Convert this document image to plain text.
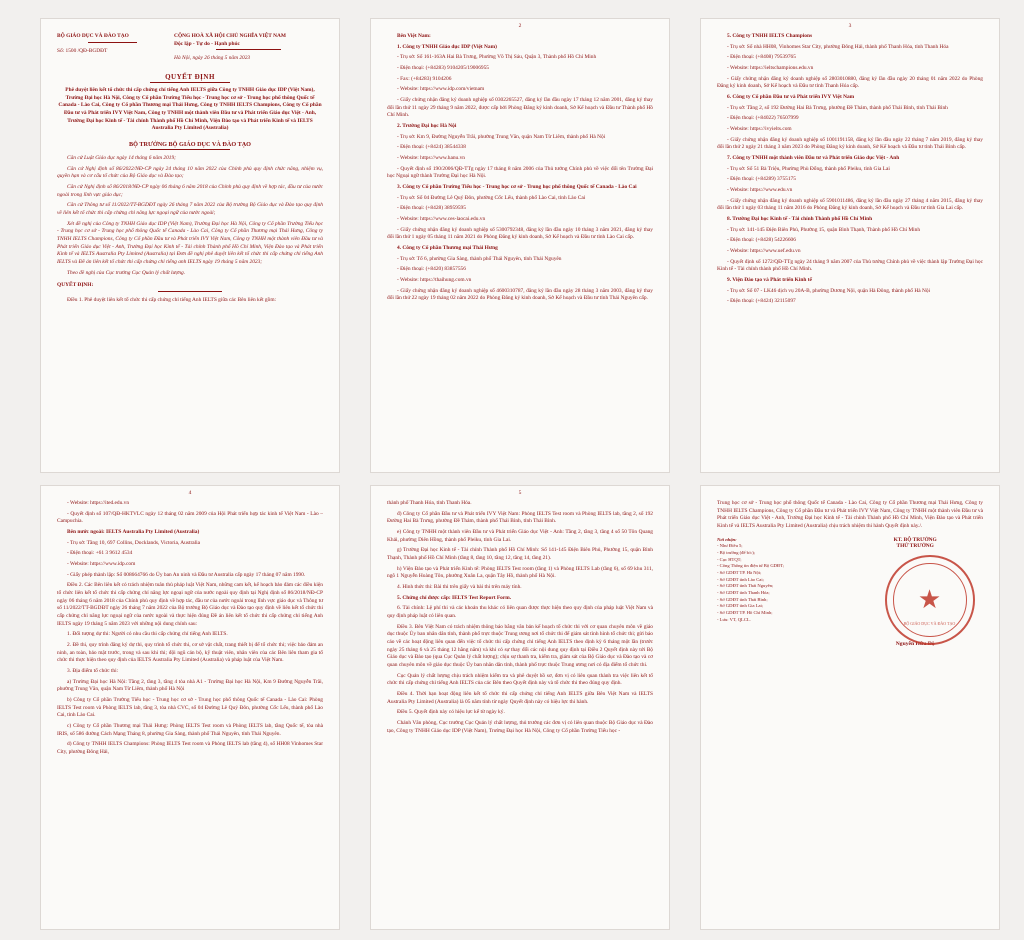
BỘ GIÁO DỤC VÀ ĐÀO TẠO
Số: 1500 /QĐ-BGDĐT
CỘNG HOÀ XÃ HỘI CHỦ NGHĨA VIỆT NAM
Độc lập - Tự do - Hạnh phúc
Hà Nội, ngày 26 tháng 5 năm 2023
QUYẾT ĐỊNH

Phê duyệt liên kết tổ chức thi cấp chứng chỉ tiếng Anh IELTS giữa Công ty TNHH Giáo dục IDP (Việt Nam), Trường Đại học Hà Nội, Công ty Cổ phần Trường Tiểu học - Trung học cơ sở - Trung học phổ thông Quốc tế Canada - Lào Cai, Công ty Cổ phần Thương mại Thái Hưng, Công ty TNHH IELTS Champions, Công ty Cổ phần Đầu tư và Phát triển IVY Việt Nam, Công ty TNHH một thành viên Đầu tư và Phát triển Giáo dục Việt - Anh, Trường Đại học Kinh tế - Tài chính Thành phố Hồ Chí Minh, Viện Đào tạo và Phát triển Kinh tế và IELTS Australia Pty Limited (Australia)

BỘ TRƯỞNG BỘ GIÁO DỤC VÀ ĐÀO TẠO

Căn cứ Luật Giáo dục ngày 14 tháng 6 năm 2019;

Căn cứ Nghị định số 86/2022/NĐ-CP ngày 24 tháng 10 năm 2022 của Chính phủ quy định chức năng, nhiệm vụ, quyền hạn và cơ cấu tổ chức của Bộ Giáo dục và Đào tạo;

Căn cứ Nghị định số 86/2018/NĐ-CP ngày 06 tháng 6 năm 2018 của Chính phủ quy định về hợp tác, đầu tư của nước ngoài trong lĩnh vực giáo dục;

Căn cứ Thông tư số 11/2022/TT-BGDĐT ngày 26 tháng 7 năm 2022 của Bộ trưởng Bộ Giáo dục và Đào tạo quy định về liên kết tổ chức thi cấp chứng chỉ năng lực ngoại ngữ của nước ngoài;

Xét đề nghị của Công ty TNHH Giáo dục IDP (Việt Nam), Trường Đại học Hà Nội, Công ty Cổ phần Trường Tiểu học - Trung học cơ sở - Trung học phổ thông Quốc tế Canada - Lào Cai, Công ty Cổ phần Thương mại Thái Hưng, Công ty TNHH IELTS Champions, Công ty Cổ phần Đầu tư và Phát triển IVY Việt Nam, Công ty TNHH một thành viên Đầu tư và Phát triển Giáo dục Việt - Anh, Trường Đại học Kinh tế - Tài chính Thành phố Hồ Chí Minh, Viện Đào tạo và Phát triển Kinh tế và IELTS Australia Pty Limited (Australia) tại Đơn đề nghị phê duyệt liên kết tổ chức thi cấp chứng chỉ tiếng Anh IELTS và Đề án liên kết tổ chức thi cấp chứng chỉ tiếng anh IELTS ngày 19 tháng 5 năm 2023;

Theo đề nghị của Cục trưởng Cục Quản lý chất lượng.

QUYẾT ĐỊNH:

Điều 1. Phê duyệt liên kết tổ chức thi cấp chứng chỉ tiếng Anh IELTS giữa các Bên liên kết gồm:

2

Bên Việt Nam:

1. Công ty TNHH Giáo dục IDP (Việt Nam)

- Trụ sở: Số 161-163A Hai Bà Trưng, Phường Võ Thị Sáu, Quận 3, Thành phố Hồ Chí Minh

- Điện thoại: (+84283) 9104205/19006955

- Fax: (+84283) 9104206

- Website: https://www.idp.com/vietnam

- Giấy chứng nhận đăng ký doanh nghiệp số 0302265527, đăng ký lần đầu ngày 17 tháng 12 năm 2001, đăng ký thay đổi lần thứ 11 ngày 29 tháng 9 năm 2022, được cấp bởi Phòng Đăng ký kinh doanh, Sở Kế hoạch và Đầu tư Thành phố Hồ Chí Minh.

2. Trường Đại học Hà Nội

- Trụ sở: Km 9, Đường Nguyễn Trãi, phường Trung Văn, quận Nam Từ Liêm, thành phố Hà Nội

- Điện thoại: (+8424) 38544338

- Website: https://www.hanu.vn

- Quyết định số 190/2006/QĐ-TTg ngày 17 tháng 8 năm 2006 của Thủ tướng Chính phủ về việc đổi tên Trường Đại học Ngoại ngữ thành Trường Đại học Hà Nội.

3. Công ty Cổ phần Trường Tiểu học - Trung học cơ sở - Trung học phổ thông Quốc tế Canada - Lào Cai

- Trụ sở: Số 04 Đường Lê Quý Đôn, phường Cốc Lếu, thành phố Lào Cai, tỉnh Lào Cai

- Điện thoại: (+8428) 38959595

- Website: https://www.ces-laocai.edu.vn

- Giấy chứng nhận đăng ký doanh nghiệp số 5300792348, đăng ký lần đầu ngày 10 tháng 3 năm 2021, đăng ký thay đổi lần thứ 1 ngày 05 tháng 11 năm 2021 do Phòng Đăng ký kinh doanh, Sở Kế hoạch và Đầu tư tỉnh Lào Cai cấp.

4. Công ty Cổ phần Thương mại Thái Hưng

- Trụ sở: Tổ 6, phường Gia Sàng, thành phố Thái Nguyên, tỉnh Thái Nguyên

- Điện thoại: (+8420) 83857556

- Website: https://thaihung.com.vn

- Giấy chứng nhận đăng ký doanh nghiệp số 4600310787, đăng ký lần đầu ngày 28 tháng 3 năm 2003, đăng ký thay đổi lần thứ 22 ngày 19 tháng 02 năm 2022 do Phòng Đăng ký kinh doanh, Sở Kế hoạch và Đầu tư tỉnh Thái Nguyên cấp.

3

5. Công ty TNHH IELTS Champions

- Trụ sở: Số nhà HH08, Vinhomes Star City, phường Đông Hải, thành phố Thanh Hóa, tỉnh Thanh Hóa

- Điện thoại: (+8408) 79539765

- Website: https://ieltschampions.edu.vn

- Giấy chứng nhận đăng ký doanh nghiệp số 2803010880, đăng ký lần đầu ngày 20 tháng 01 năm 2022 do Phòng Đăng ký kinh doanh, Sở Kế hoạch và Đầu tư tỉnh Thanh Hóa cấp.

6. Công ty Cổ phần Đầu tư và Phát triển IVY Việt Nam

- Trụ sở: Tầng 2, số 192 Đường Hai Bà Trưng, phường Đề Thám, thành phố Thái Bình, tỉnh Thái Bình

- Điện thoại: (+84022) 76507999

- Website: https://ivyielts.com

- Giấy chứng nhận đăng ký doanh nghiệp số 1001191158, đăng ký lần đầu ngày 22 tháng 7 năm 2019, đăng ký thay đổi lần thứ 2 ngày 21 tháng 3 năm 2023 do Phòng Đăng ký kinh doanh, Sở Kế hoạch và Đầu tư tỉnh Thái Bình cấp.

7. Công ty TNHH một thành viên Đầu tư và Phát triển Giáo dục Việt - Anh

- Trụ sở: Số 51 Bà Triệu, Phường Phù Đổng, thành phố Pleiku, tỉnh Gia Lai

- Điện thoại: (+84289) 3755175

- Website: https://www.edu.vn

- Giấy chứng nhận đăng ký doanh nghiệp số 5901011486, đăng ký lần đầu ngày 27 tháng 4 năm 2015, đăng ký thay đổi lần thứ 1 ngày 03 tháng 11 năm 2016 do Phòng Đăng ký kinh doanh, Sở Kế hoạch và Đầu tư tỉnh Gia Lai cấp.

8. Trường Đại học Kinh tế - Tài chính Thành phố Hồ Chí Minh

- Trụ sở: 141-145 Điện Biên Phủ, Phường 15, quận Bình Thạnh, Thành phố Hồ Chí Minh

- Điện thoại: (+8428) 54226606

- Website: https://www.uef.edu.vn

- Quyết định số 1272/QĐ-TTg ngày 24 tháng 9 năm 2007 của Thủ tướng Chính phủ về việc thành lập Trường Đại học Kinh tế - Tài chính thành phố Hồ Chí Minh.

9. Viện Đào tạo và Phát triển Kinh tế

- Trụ sở: Số 07 - LK46 dịch vụ 20A-B, phường Dương Nội, quận Hà Đông, thành phố Hà Nội

- Điện thoại: (+8424) 32115097

4

- Website: https://ited.edu.vn

- Quyết định số 107/QĐ-HKTVLC ngày 12 tháng 02 năm 2009 của Hội Phát triển hợp tác kinh tế Việt Nam - Lào – Campuchia.

Bên nước ngoài: IELTS Australia Pty Limited (Australia)

- Trụ sở: Tầng 10, 697 Collins, Docklands, Victoria, Australia

- Điện thoại: +61 3 9612 4534

- Website: https://www.idp.com

- Giấy phép thành lập: Số 008664766 do Ủy ban An ninh và Đầu tư Australia cấp ngày 17 tháng 07 năm 1990.

Điều 2. Các Bên liên kết có trách nhiệm tuân thủ pháp luật Việt Nam, những cam kết, kế hoạch bảo đảm các điều kiện tổ chức liên kết tổ chức thi cấp chứng chỉ năng lực ngoại ngữ của nước ngoài quy định tại Nghị định số 86/2018/NĐ-CP ngày 06 tháng 6 năm 2018 của Chính phủ quy định về hợp tác, đầu tư của nước ngoài trong lĩnh vực giáo dục và Thông tư số 11/2022/TT-BGDĐT ngày 26 tháng 7 năm 2022 của Bộ trưởng Bộ Giáo dục và Đào tạo quy định về liên kết tổ chức thi cấp chứng chỉ năng lực ngoại ngữ của nước ngoài và thực hiện đúng Đề án liên kết tổ chức thi cấp chứng chỉ tiếng Anh IELTS ngày 19 tháng 5 năm 2023 với những nội dung chính sau:

1. Đối tượng dự thi: Người có nhu cầu thi cấp chứng chỉ tiếng Anh IELTS.

2. Đề thi, quy trình đăng ký dự thi, quy trình tổ chức thi, cơ sở vật chất, trang thiết bị để tổ chức thi; việc bảo đảm an ninh, an toàn, bảo mật trước, trong và sau khi thi; đội ngũ cán bộ, kỹ thuật viên, nhân viên của các Bên liên tham gia tổ chức thi thực hiện theo quy định của IELTS Australia Pty Limited (Australia) và pháp luật của Việt Nam.

3. Địa điểm tổ chức thi:

a) Trường Đại học Hà Nội: Tầng 2, tầng 3, tầng 4 tòa nhà A1 - Trường Đại học Hà Nội, Km 9 Đường Nguyễn Trãi, phường Trung Văn, quận Nam Từ Liêm, thành phố Hà Nội

b) Công ty Cổ phần Trường Tiểu học - Trung học cơ sở - Trung học phổ thông Quốc tế Canada - Lào Cai: Phòng IELTS Test room và Phòng IELTS lab, tầng 3, tòa nhà CVC, số 04 Đường Lê Quý Đôn, phường Cốc Lếu, thành phố Lào Cai, tỉnh Lào Cai.

c) Công ty Cổ phần Thương mại Thái Hưng: Phòng IELTS Test room và Phòng IELTS lab, tầng Quốc tế, tòa nhà IRIS, số 586 đường Cách Mạng Tháng 8, phường Gia Sàng, thành phố Thái Nguyên, tỉnh Thái Nguyên.

d) Công ty TNHH IELTS Champions: Phòng IELTS Test room và Phòng IELTS lab (tầng 4), số HH08 Vinhomes Star City, phường Đông Hải,

5

thành phố Thanh Hóa, tỉnh Thanh Hóa.

đ) Công ty Cổ phần Đầu tư và Phát triển IVY Việt Nam: Phòng IELTS Test room và Phòng IELTS lab, tầng 2, số 192 Đường Hai Bà Trưng, phường Đề Thám, thành phố Thái Bình, tỉnh Thái Bình.

e) Công ty TNHH một thành viên Đầu tư và Phát triển Giáo dục Việt - Anh: Tầng 2, tầng 3, tầng 4 số 50 Tôn Quang Khải, phường Diên Hồng, thành phố Pleiku, tỉnh Gia Lai.

g) Trường Đại học Kinh tế - Tài chính Thành phố Hồ Chí Minh: Số 141-145 Điện Biên Phủ, Phường 15, quận Bình Thạnh, Thành phố Hồ Chí Minh (tầng 8, tầng 10, tầng 12, tầng 14, tầng 21).

h) Viện Đào tạo và Phát triển Kinh tế: Phòng IELTS Test room (tầng 1) và Phòng IELTS Lab (tầng 6), số 69 khu 311, ngõ 1 Nguyễn Hoàng Tôn, phường Xuân La, quận Tây Hồ, thành phố Hà Nội.

4. Hình thức thi: Bài thi trên giấy và bài thi trên máy tính.

5. Chứng chỉ được cấp: IELTS Test Report Form.

6. Tài chính: Lệ phí thi và các khoản thu khác có liên quan được thực hiện theo quy định của pháp luật Việt Nam và quy định pháp luật có liên quan.

Điều 3. Bên Việt Nam có trách nhiệm thông báo bằng văn bản kế hoạch tổ chức thi với cơ quan chuyên môn về giáo dục thuộc Ủy ban nhân dân tỉnh, thành phố trực thuộc Trung ương nơi tổ chức thi để giám sát tình hình tổ chức thi; gửi báo cáo về các hoạt động liên quan đến việc tổ chức thi cấp chứng chỉ tiếng Anh IELTS theo định kỳ 6 tháng một lần (trước ngày 25 tháng 6 và 25 tháng 12 hằng năm) và khi có sự thay đổi các nội dung quy định tại Điều 2 Quyết định này tới Bộ Giáo dục và Đào tạo (qua Cục Quản lý chất lượng); chịu sự thanh tra, kiểm tra, giám sát của Bộ Giáo dục và Đào tạo và cơ quan chuyên môn về giáo dục thuộc Ủy ban nhân dân tỉnh, thành phố trực thuộc Trung ương nơi có địa điểm tổ chức thi.

Cục Quản lý chất lượng chịu trách nhiệm kiểm tra và phê duyệt hồ sơ, đơn vị có liên quan thành tra việc liên kết tổ chức thi cấp chứng chỉ tiếng Anh IELTS của các Bên theo Quyết định này và tổ chức thi theo đúng quy định.

Điều 4. Thời hạn hoạt động liên kết tổ chức thi cấp chứng chỉ tiếng Anh IELTS giữa Bên Việt Nam và IELTS Australia Pty Limited (Australia) là 05 năm tính từ ngày Quyết định này có hiệu lực thi hành.

Điều 5. Quyết định này có hiệu lực kể từ ngày ký.

Chánh Văn phòng, Cục trưởng Cục Quản lý chất lượng, thủ trưởng các đơn vị có liên quan thuộc Bộ Giáo dục và Đào tạo, Công ty TNHH Giáo dục IDP (Việt Nam), Trường Đại học Hà Nội, Công ty Cổ phần Trường Tiểu học -

Trung học cơ sở - Trung học phổ thông Quốc tế Canada - Lào Cai, Công ty Cổ phần Thương mại Thái Hưng, Công ty TNHH IELTS Champions, Công ty Cổ phần Đầu tư và Phát triển IVY Việt Nam, Công ty TNHH một thành viên Đầu tư và Phát triển Giáo dục Việt - Anh, Trường Đại học Kinh tế - Tài chính Thành phố Hồ Chí Minh, Viện Đào tạo và Phát triển Kinh tế và IELTS Australia Pty Limited (Australia) chịu trách nhiệm thi hành Quyết định này./.

Nơi nhận:
- Như Điều 5;
- Bộ trưởng (để b/c);
- Cục HTQT;
- Công Thông tin điện tử Bộ GDĐT;
- Sở GDĐT TP. Hà Nội;
- Sở GDĐT tỉnh Lào Cai;
- Sở GDĐT tỉnh Thái Nguyên;
- Sở GDĐT tỉnh Thanh Hóa;
- Sở GDĐT tỉnh Thái Bình;
- Sở GDĐT tỉnh Gia Lai;
- Sở GDĐT TP. Hồ Chí Minh;
- Lưu: VT, QLCL.
KT. BỘ TRƯỞNG
THỨ TRƯỞNG
★
BỘ GIÁO DỤC VÀ ĐÀO TẠO
Nguyễn Hữu Độ
